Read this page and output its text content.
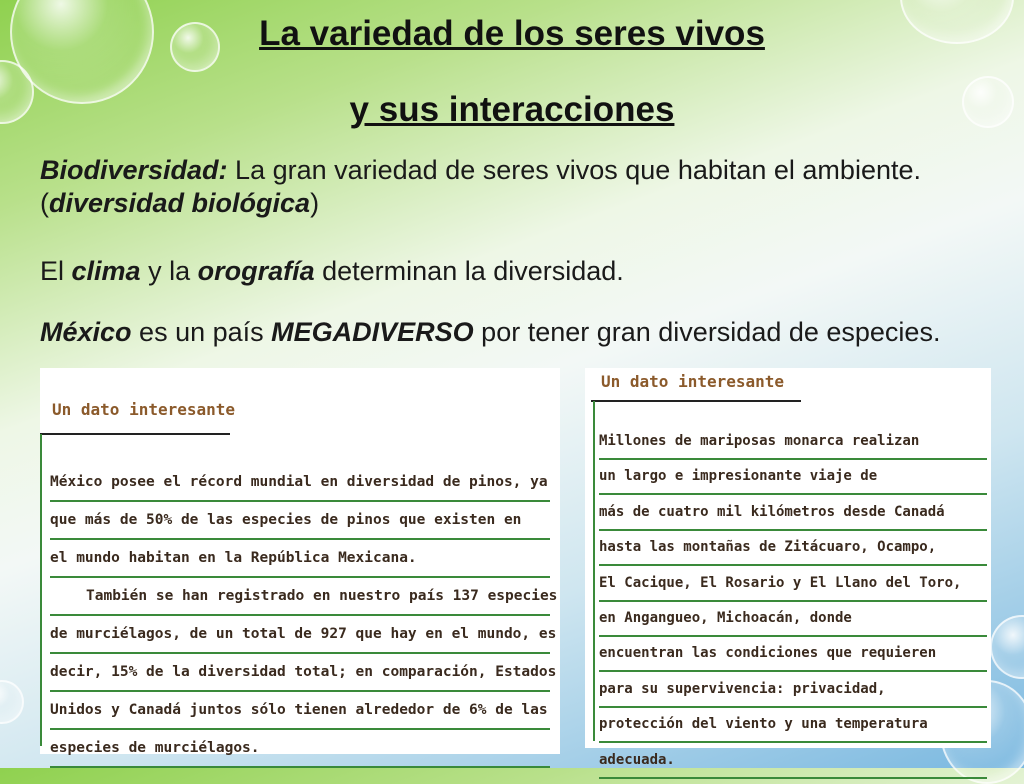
La variedad de los seres vivos
y sus interacciones

Biodiversidad: La gran variedad de seres vivos que habitan el ambiente. (diversidad biológica)

El clima y la orografía determinan la diversidad.

México es un país MEGADIVERSO por tener gran diversidad de especies.

Un dato interesante
México posee el récord mundial en diversidad de pinos, ya
que más de 50% de las especies de pinos que existen en
el mundo habitan en la República Mexicana.
También se han registrado en nuestro país 137 especies
de murciélagos, de un total de 927 que hay en el mundo, es
decir, 15% de la diversidad total; en comparación, Estados
Unidos y Canadá juntos sólo tienen alrededor de 6% de las
especies de murciélagos.
Un dato interesante
Millones de mariposas monarca realizan
un largo e impresionante viaje de
más de cuatro mil kilómetros desde Canadá
hasta las montañas de Zitácuaro, Ocampo,
El Cacique, El Rosario y El Llano del Toro,
en Angangueo, Michoacán, donde
encuentran las condiciones que requieren
para su supervivencia: privacidad,
protección del viento y una temperatura
adecuada.
